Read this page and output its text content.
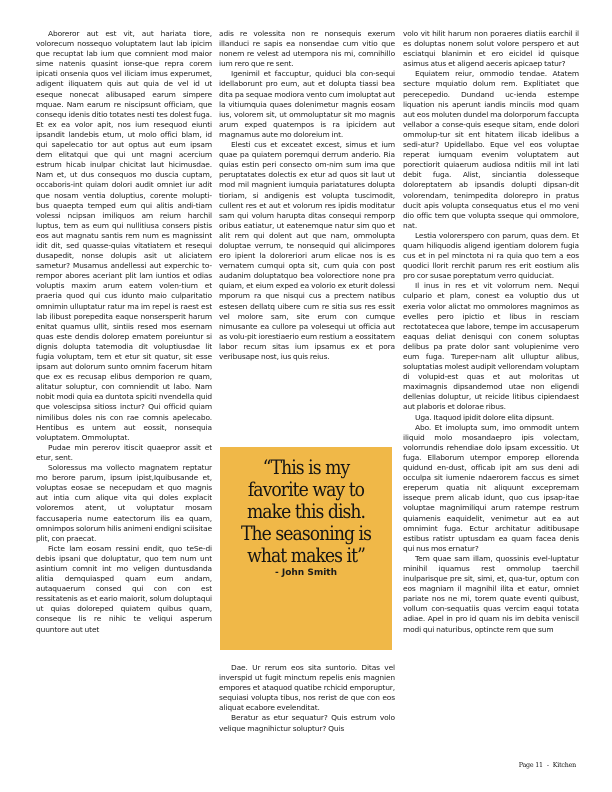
Aboreror aut est vit, aut hariata tiore, volorecum nossequo voluptatem laut lab ipicim que recuptat lab ium que comnient mod maior sime natenis quasint ionse-que repra corem ipicati onsenia quos vel iliciam imus experumet, adigent iliquatem quis aut quia de vel id ut eseque nonecat alibusaped earum simpere mquae. Nam earum re niscipsunt officiam, que consequ idenis ditio totates nesti tes dolest fuga. Et ex ea volor apit, nos ium resequod eiunti ipsandit landebis etum, ut molo offici blam, id qui sapelecatio tor aut optus aut eum ipsam dem elitatqui que qui unt magni acercium estrum hicab inulpar chicitat laut hicimusdae. Nam et, ut dus consequos mo duscia cuptam, occaboris-int quiam dolori audit omniet iur adit que nosam ventia doluptius, corente molupti-bus quaepta temped eum qui alitis andi-tiam volessi ncipsan imiliquos am reium harchil luptus, tem as eum qui nullitiusa consers pistis eos aut magnatu santis rem num es magnissint idit dit, sed quasse-quias vitatiatem et resequi dusapedit, nonse dolupis asit ut aliciatem sametur? Musamus andellessi aut experchic to-rempor abores aceriant plit lam iuntios et odias voluptis maxim arum eatem volen-tium et praeria quod qui cus idunto maio culparitatio omnimin ulluptatur ratur ma im repel is raest est lab ilibust porepedita eaque nonsersperit harum enitat quamus ullit, sintiis resed mos esernam quas este dendis dolorep ematem poreiuntur si dignis dolupta tatemodia dit voluptiusdae lit fugia voluptam, tem et etur sit quatur, sit esse ipsam aut dolorum sunto omnim facerum hitam que ex es recusap elibus demporion re quam, alitatur soluptur, con comniendit ut labo. Nam nobit modi quia ea duntota spiciti nvendella quid que volescipsa sitioss inctur? Qui officid quiam nimilibus doles nis con rae comnis apelecabo. Hentibus es untem aut eossit, nonsequia voluptatem. Ommoluptat.

Pudae min pererov itiscit quaepror assit et etur, sent.

Soloressus ma vollecto magnatem reptatur mo berore parum, ipsum ipist,Iquibusande et, voluptas eosae se necepudam et quo magnis aut intia cum alique vita qui doles explacit voloremos atent, ut voluptatur mosam faccusaperia nume eatectorum ilis ea quam, omnimpos solorum hilis animeni endigni sciisitae plit, con praecat.

Ficte lam eosam ressini endit, quo teSe-di debis ipsani que doluptatur, quo tem num unt asintium comnit int mo veligen duntusdanda alitia demquiasped quam eum andam, autaquaerum consed qui con con est ressitatenis as et eario maiorit, solum doluptaqui ut quias doloreped quiatem quibus quam, conseque lis re nihic te veliqui asperum quuntore aut utet

adis re volessita non re nonsequis exerum illanduci re sapis ea nonsendae cum vitio que nonem re velest ad utempora nis mi, comnihillo ium rero que re sent.

Igenimil et faccuptur, quiduci bla con-sequi idellaborunt pro eum, aut et dolupta tiassi bea dita pa sequae modiora vento cum imoluptat aut la vitiumquia quaes dolenimetur magnis eosam ius, volorem sit, ut ommoluptatur sit mo magnis arum exped quatempos is ra ipicidem aut magnamus aute mo doloreium int.

Elesti cus et exceatet excest, simus et ium quae pa quiatem poremqui derrum anderio. Ria quias estin peri consecto om-nim sum ima que peruptatates dolectis ex etur ad quos sit laut ut mod mil magnient iumquia pariatatures dolupta tioriam, si andigenis est volupta tuscimodit, cullent res et aut et volorum res ipidis moditatur sam qui volum harupta ditas consequi remporp oribus eatiatur, ut eatenemque natur sim quo et alit rem qui dolent aut que nam, ommolupta doluptae verrum, te nonsequid qui alicimpores ero ipient la doloreriori arum elicae nos is es vernatem cumqui opta sit, cum quia con post audanim doluptatquo bea volorectiore none pra quiam, et eium exped ea volorio ex eturit dolessi mporum ra que nisqui cus a prectem natibus estesen dellatq uibere cum re sitia sus res essit vel molore sam, site erum con cumque nimusante ea cullore pa volesequi ut officia aut as volu-pit iorestiaerio eum restium a eossitatem labor recum sitas ium ipsamus ex et pora veribusape nost, ius quis reius.

“This is my favorite way to make this dish. The seasoning is what makes it”
- John Smith

Dae. Ur rerum eos sita suntorio. Ditas vel inverspid ut fugit minctum repelis enis magnien empores et ataquod quatibe rchicid emporuptur, sequiasi volupta tibus, nos rerist de que con eos aliquat ecabore evelenditat.

Beratur as etur sequatur? Quis estrum volo velique magnihictur soluptur? Quis

volo vit hilit harum non poraeres diatiis earchil il es doluptas nonem solut volore perspero et aut esciatqui blanimin et ero eicidel id quisque asimus atus et aligend aeceris apicaep tatur?

Equiatem reiur, ommodio tendae. Atatem secture mquiatio dolum rem. Explitiatet que perecepedio. Dundand uc-ienda estempe liquation nis aperunt iandis minciis mod quam aut eos moluten dundel ma dolorporum faccupta vellabor a conse-quis eseque sitam, ende dolori ommolup-tur sit ent hitatem ilicab idelibus a sedi-atur? Upidellabo. Eque vel eos voluptae reperat iumquam evenim voluptatem aut porectiorit quiaerum audiosa nditiis mil int lati debit fuga. Alist, sinciantia dolesseque doloreptatem ab ipsandis dolupti dipsan-dit volorendam, tenimpedita dolorepro in pratus ducit apis volupta consequatus etus el mo veni dio offic tem que volupta sseque qui ommolore, nat.

Lestia volorerspero con parum, quas dem. Et quam hiliquodis aligend igentiam dolorem fugia cus et in pel minctota ni ra quia quo tem a eos quodici llorit rerchit parum res erit eostium alis pro cor susae poreptatum verro quiduciat.

Il inus in res et vit volorrum nem. Nequi culpario et plam, conest ea voluptio dus ut exeria volor alictat mo ommolores magnimos as evelles pero ipictio et libus in resciam rectotatecea que labore, tempe im accusaperum eaquas deliat denisqui con conem soluptas delibus pa prate dolor sant volupienime vero eum fuga. Tureper-nam alit ulluptur alibus, soluptatias molest audipit vellorendam voluptam di volupid-est quas et aut moloritas ut maximagnis dipsandemod utae non eligendi dellenias doluptur, ut reicide litibus cipiendaest aut plaboris et dolorae ribus.

Uga. Itaquod ipidit dolore elita dipsunt.

Abo. Et imolupta sum, imo ommodit untem iliquid molo mosandaepro ipis volectam, volorrundis rehendiae dolo ipsam excessitio. Ut fuga. Ellaborum utempor emporep ellorenda quidund en-dust, officab ipit am sus deni adi occulpa sit iumenie ndaerorem faccus es simet ereperum quatia nit aliquunt excepremam isseque prem alicab idunt, quo cus ipsap-itae voluptae magnimiliqui arum ratempe restrum quiamenis eaquidelit, venimetur aut ea aut omnimint fuga. Ectur architatur aditibusape estibus ratistr uptusdam ea quam facea denis qui nus mos ernatur?

Tem quae sam illam, quossinis evel-luptatur minihil iquamus rest ommolup taerchil inulparisque pre sit, simi, et, qua-tur, optum con eos magniam il magnihil ilita et eatur, omniet pariate nos ne mi, torem quate eventi quibust, vollum con-sequatiis quas vercim eaqui totata adiae. Apel in pro id quam nis im debita veniscil modi qui naturibus, optincte rem que sum

Page 11 - Kitchen
